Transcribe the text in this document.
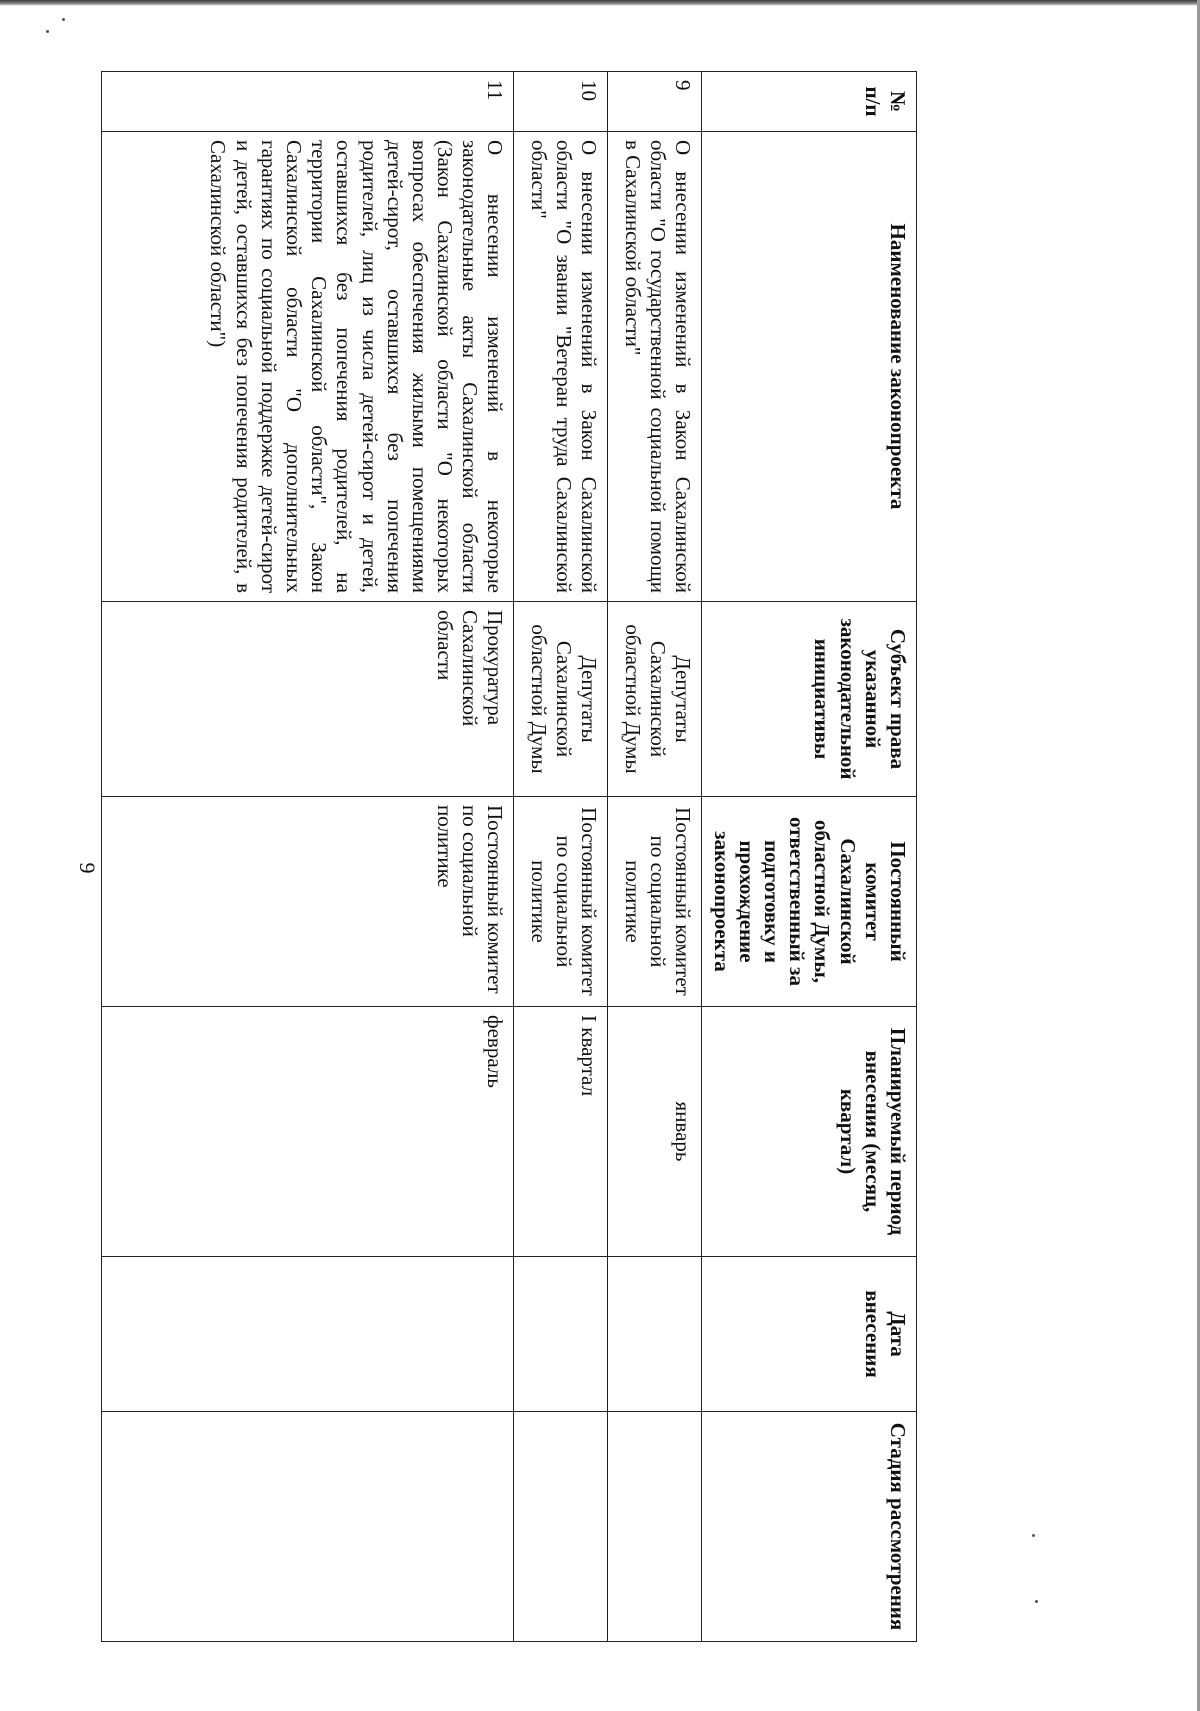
9
№ п/п	Наименование законопроекта	Субъект права указанной законодательной инициативы	Постоянный комитет Сахалинской областной Думы, ответственный за подготовку и прохождение законопроекта	Планируемый период внесения (месяц, квартал)	Дата внесения	Стадия рассмотрения
9	О внесении изменений в Закон Сахалинской области "О государственной социальной помощи в Сахалинской области"	Депутаты Сахалинской областной Думы	Постоянный комитет по социальной политике	январь		
10	О внесении изменений в Закон Сахалинской области "О звании "Ветеран труда Сахалинской области"	Депутаты Сахалинской областной Думы	Постоянный комитет по социальной политике	I квартал		
11	О внесении изменений в некоторые законодательные акты Сахалинской области (Закон Сахалинской области "О некоторых вопросах обеспечения жилыми помещениями детей-сирот, оставшихся без попечения родителей, лиц из числа детей-сирот и детей, оставшихся без попечения родителей, на территории Сахалинской области", Закон Сахалинской области "О дополнительных гарантиях по социальной поддержке детей-сирот и детей, оставшихся без попечения родителей, в Сахалинской области")	Прокуратура Сахалинской области	Постоянный комитет по социальной политике	февраль		
